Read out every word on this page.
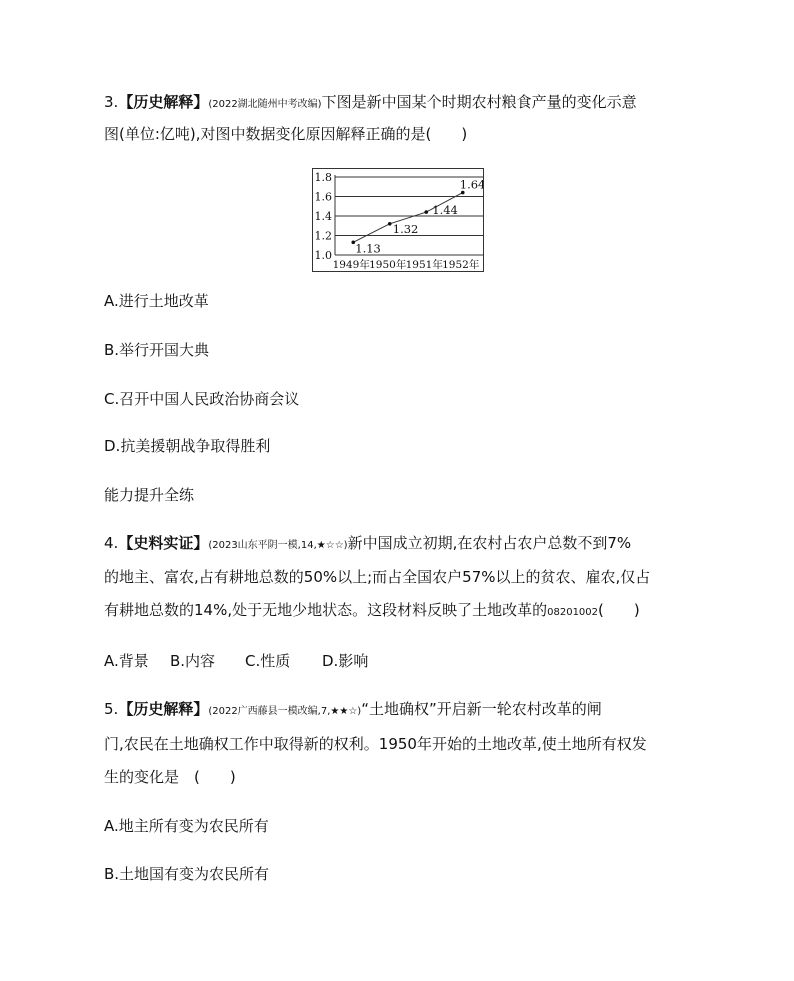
3.【历史解释】(2022湖北随州中考改编)下图是新中国某个时期农村粮食产量的变化示意
图(单位:亿吨),对图中数据变化原因解释正确的是(　　)
1.0
1.2
1.4
1.6
1.8
1949年 1950年 1951年 1952年
1.13
1.32
1.44
1.64
A.进行土地改革
B.举行开国大典
C.召开中国人民政治协商会议
D.抗美援朝战争取得胜利
能力提升全练
4.【史料实证】(2023山东平阴一模,14,★☆☆)新中国成立初期,在农村占农户总数不到7%
的地主、富农,占有耕地总数的50%以上;而占全国农户57%以上的贫农、雇农,仅占
有耕地总数的14%,处于无地少地状态。这段材料反映了土地改革的08201002(　　)
A.背景 B.内容 C.性质 D.影响
5.【历史解释】(2022广西藤县一模改编,7,★★☆)“土地确权”开启新一轮农村改革的闸
门,农民在土地确权工作中取得新的权利。1950年开始的土地改革,使土地所有权发
生的变化是　(　　)
A.地主所有变为农民所有
B.土地国有变为农民所有
